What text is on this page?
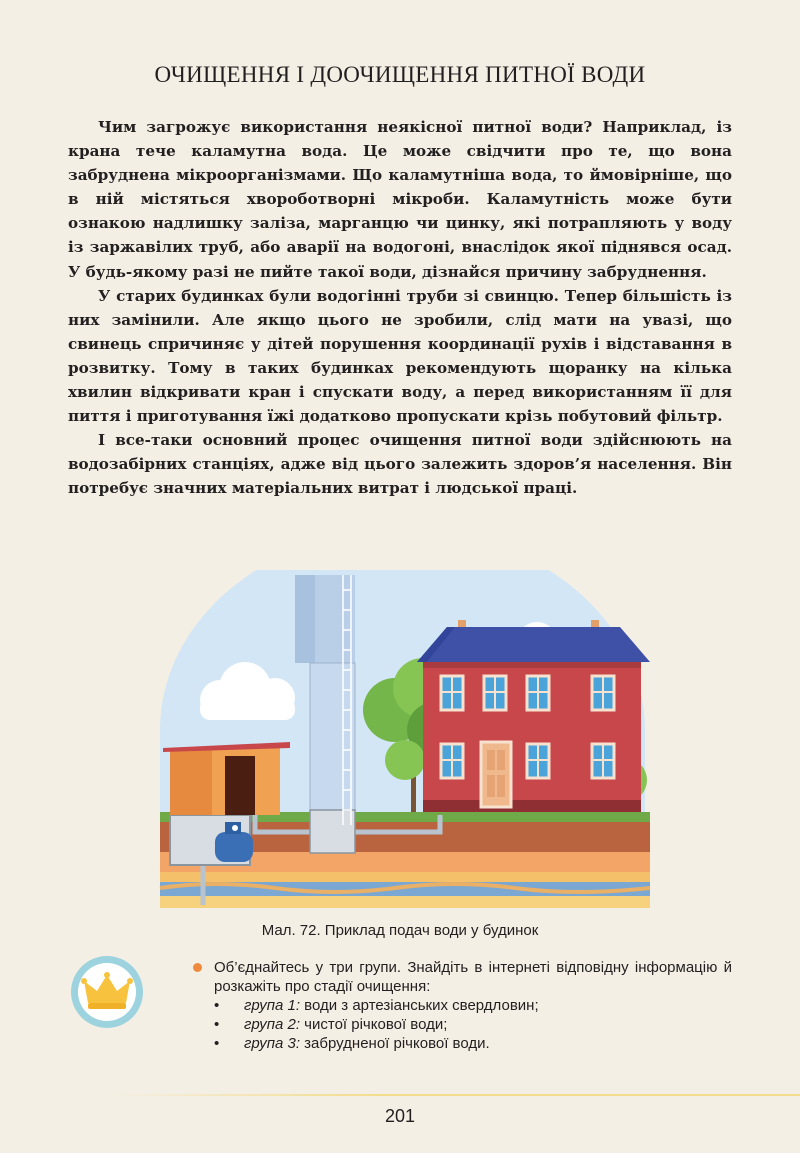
ОЧИЩЕННЯ І ДООЧИЩЕННЯ ПИТНОЇ ВОДИ

Чим загрожує використання неякісної питної води? Наприклад, із крана тече каламутна вода. Це може свідчити про те, що вона забруднена мікроорганізмами. Що каламутніша вода, то ймовірніше, що в ній містяться хвороботворні мікроби. Каламутність може бути ознакою надлишку заліза, марганцю чи цинку, які потрапляють у воду із заржавілих труб, або аварії на водогоні, внаслідок якої піднявся осад. У будь-якому разі не пийте такої води, дізнайся причину забруднення.

У старих будинках були водогінні труби зі свинцю. Тепер більшість із них замінили. Але якщо цього не зробили, слід мати на увазі, що свинець спричиняє у дітей порушення координації рухів і відставання в розвитку. Тому в таких будинках рекомендують щоранку на кілька хвилин відкривати кран і спускати воду, а перед використанням її для пиття і приготування їжі додатково пропускати крізь побутовий фільтр.

І все-таки основний процес очищення питної води здійснюють на водозабірних станціях, адже від цього залежить здоров’я населення. Він потребує значних матеріальних витрат і людської праці.

Мал. 72. Приклад подач води у будинок

Об’єднайтесь у три групи. Знайдіть в інтернеті відповідну інформацію й розкажіть про стадії очищення:

• група 1: води з артезіанських свердловин;
• група 2: чистої річкової води;
• група 3: забрудненої річкової води.
201
